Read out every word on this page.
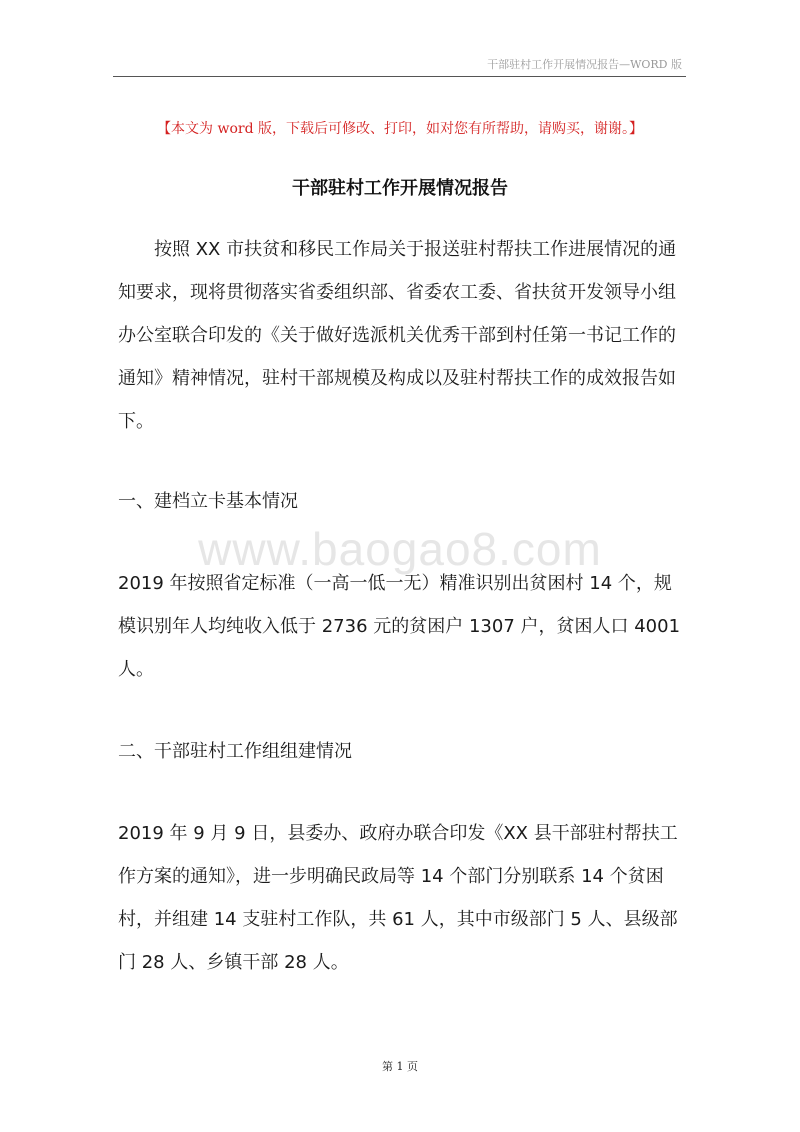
干部驻村工作开展情况报告—WORD 版
【本文为 word 版，下载后可修改、打印，如对您有所帮助，请购买，谢谢。】
干部驻村工作开展情况报告

按照 XX 市扶贫和移民工作局关于报送驻村帮扶工作进展情况的通知要求，现将贯彻落实省委组织部、省委农工委、省扶贫开发领导小组办公室联合印发的《关于做好选派机关优秀干部到村任第一书记工作的通知》精神情况，驻村干部规模及构成以及驻村帮扶工作的成效报告如下。

一、建档立卡基本情况

www.baogao8.com

2019 年按照省定标准（一高一低一无）精准识别出贫困村 14 个，规模识别年人均纯收入低于 2736 元的贫困户 1307 户，贫困人口 4001 人。

二、干部驻村工作组组建情况

2019 年 9 月 9 日，县委办、政府办联合印发《XX 县干部驻村帮扶工作方案的通知》，进一步明确民政局等 14 个部门分别联系 14 个贫困村，并组建 14 支驻村工作队，共 61 人，其中市级部门 5 人、县级部门 28 人、乡镇干部 28 人。

第 1 页
